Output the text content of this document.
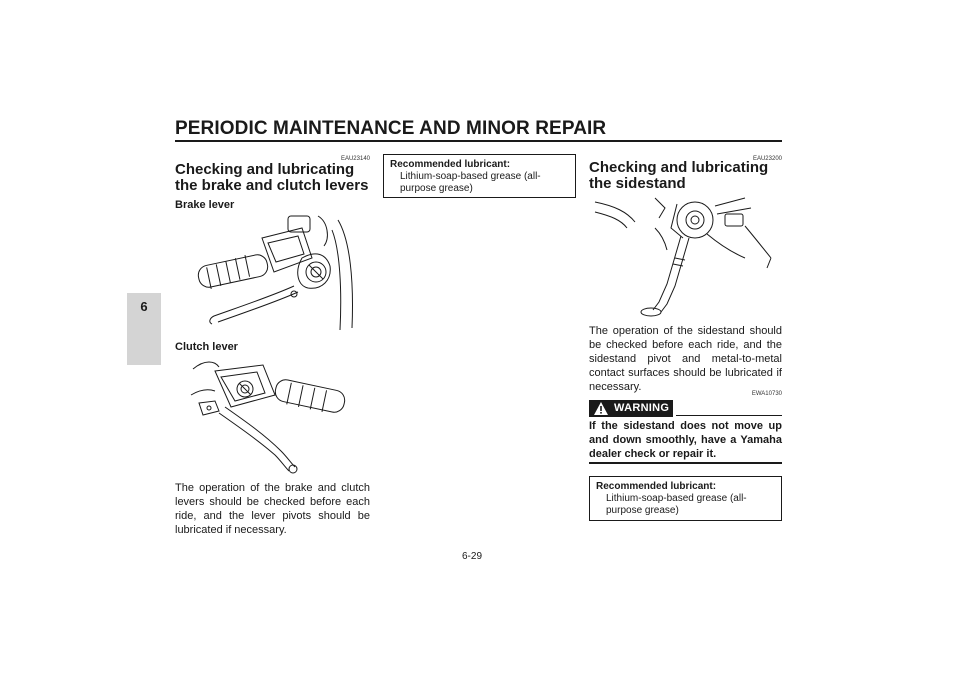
PERIODIC MAINTENANCE AND MINOR REPAIR
6
EAU23140
Checking and lubricating the brake and clutch levers
Brake lever
Clutch lever
The operation of the brake and clutch levers should be checked before each ride, and the lever pivots should be lubricated if necessary.
Recommended lubricant:
Lithium-soap-based grease (all-purpose grease)
EAU23200
Checking and lubricating the sidestand
The operation of the sidestand should be checked before each ride, and the sidestand pivot and metal-to-metal contact surfaces should be lubricated if necessary.
EWA10730
WARNING
If the sidestand does not move up and down smoothly, have a Yamaha dealer check or repair it.
Recommended lubricant:
Lithium-soap-based grease (all-purpose grease)
6-29
